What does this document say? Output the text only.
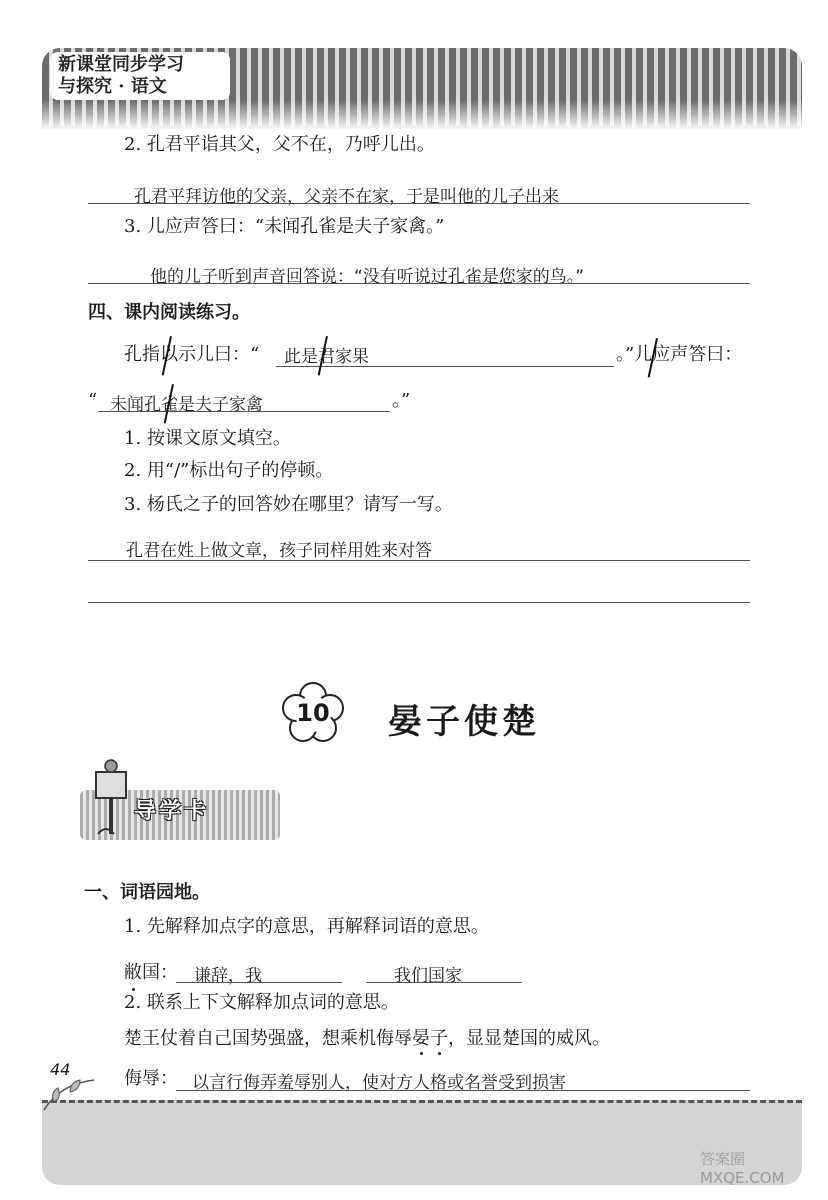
新课堂同步学习
与探究 · 语文
2. 孔君平诣其父，父不在，乃呼儿出。
孔君平拜访他的父亲，父亲不在家，于是叫他的儿子出来
3. 儿应声答曰：“未闻孔雀是夫子家禽。”
他的儿子听到声音回答说：“没有听说过孔雀是您家的鸟。”
四、课内阅读练习。
孔指以示儿曰：“ 此是君家果	。”儿应声答曰：
“ 未闻孔雀是夫子家禽	。”
1. 按课文原文填空。
2. 用“/”标出句子的停顿。
3. 杨氏之子的回答妙在哪里？请写一写。
孔君在姓上做文章，孩子同样用姓来对答
10	晏子使楚
导学卡
一、词语园地。
1. 先解释加点字的意思，再解释词语的意思。
敝国： 谦辞，我	我们国家
2. 联系上下文解释加点词的意思。
楚王仗着自己国势强盛，想乘机侮辱晏子，显显楚国的威风。
侮辱： 以言行侮弄羞辱别人，使对方人格或名誉受到损害
44
答案圈 MXQE.COM
